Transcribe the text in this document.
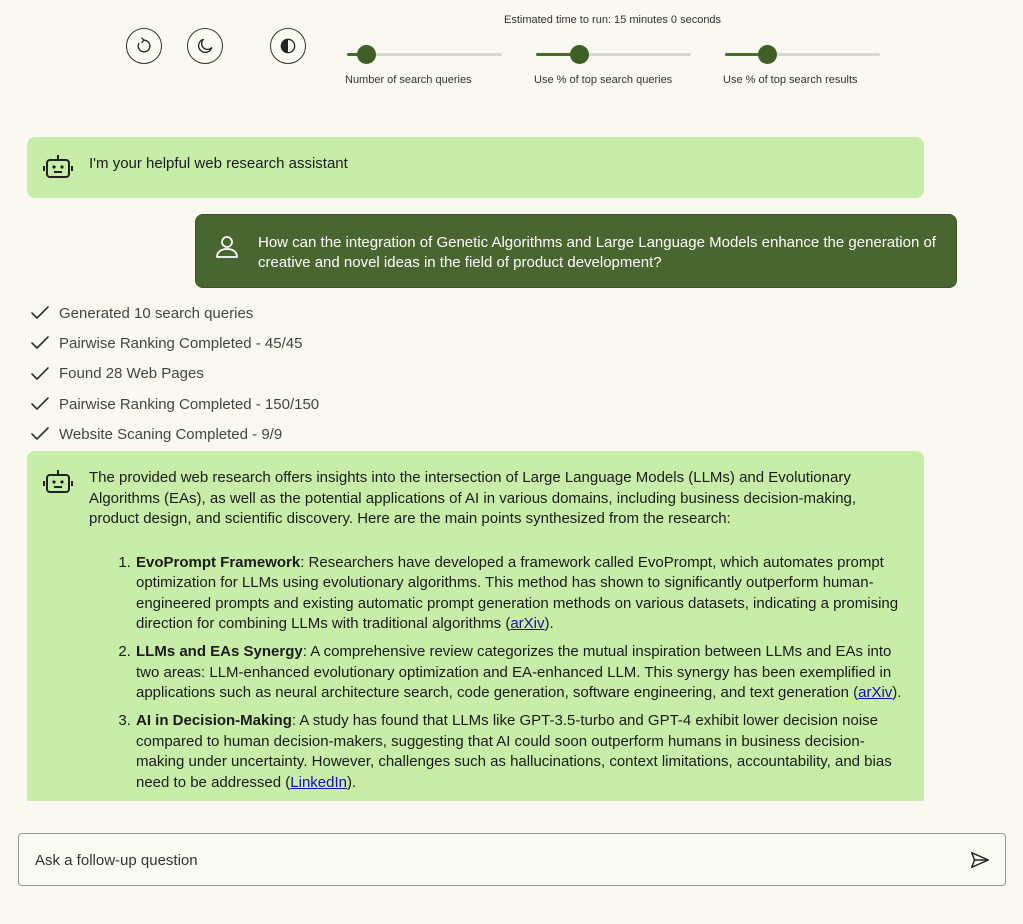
Estimated time to run: 15 minutes 0 seconds
Number of search queries	Use % of top search queries	Use % of top search results
I'm your helpful web research assistant
How can the integration of Genetic Algorithms and Large Language Models enhance the generation of creative and novel ideas in the field of product development?
Generated 10 search queries
Pairwise Ranking Completed - 45/45
Found 28 Web Pages
Pairwise Ranking Completed - 150/150
Website Scaning Completed - 9/9

The provided web research offers insights into the intersection of Large Language Models (LLMs) and Evolutionary Algorithms (EAs), as well as the potential applications of AI in various domains, including business decision-making, product design, and scientific discovery. Here are the main points synthesized from the research:

1. EvoPrompt Framework: Researchers have developed a framework called EvoPrompt, which automates prompt optimization for LLMs using evolutionary algorithms. This method has shown to significantly outperform human-engineered prompts and existing automatic prompt generation methods on various datasets, indicating a promising direction for combining LLMs with traditional algorithms (arXiv).
2. LLMs and EAs Synergy: A comprehensive review categorizes the mutual inspiration between LLMs and EAs into two areas: LLM-enhanced evolutionary optimization and EA-enhanced LLM. This synergy has been exemplified in applications such as neural architecture search, code generation, software engineering, and text generation (arXiv).
3. AI in Decision-Making: A study has found that LLMs like GPT-3.5-turbo and GPT-4 exhibit lower decision noise compared to human decision-makers, suggesting that AI could soon outperform humans in business decision-making under uncertainty. However, challenges such as hallucinations, context limitations, accountability, and bias need to be addressed (LinkedIn).
Ask a follow-up question
